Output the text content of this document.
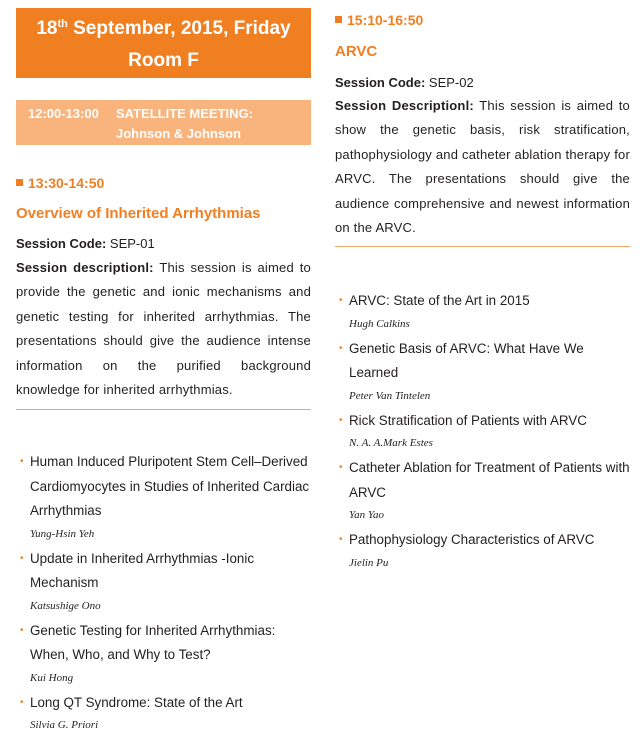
18th September, 2015, Friday
Room F
12:00-13:00 SATELLITE MEETING:
Johnson & Johnson
13:30-14:50
Overview of Inherited Arrhythmias
Session Code: SEP-01
Session descriptionl: This session is aimed to provide the genetic and ionic mechanisms and genetic testing for inherited arrhythmias. The presentations should give the audience intense information on the purified background knowledge for inherited arrhythmias.
• Human Induced Pluripotent Stem Cell–Derived Cardiomyocytes in Studies of Inherited Cardiac Arrhythmias
Yung-Hsin Yeh
• Update in Inherited Arrhythmias -Ionic Mechanism
Katsushige Ono
• Genetic Testing for Inherited Arrhythmias: When, Who, and Why to Test?
Kui Hong
• Long QT Syndrome: State of the Art
Silvia G. Priori
15:10-16:50
ARVC
Session Code: SEP-02
Session Descriptionl: This session is aimed to show the genetic basis, risk stratification, pathophysiology and catheter ablation therapy for ARVC. The presentations should give the audience comprehensive and newest information on the ARVC.
• ARVC: State of the Art in 2015
Hugh Calkins
• Genetic Basis of ARVC: What Have We Learned
Peter Van Tintelen
• Rick Stratification of Patients with ARVC
N. A. A.Mark Estes
• Catheter Ablation for Treatment of Patients with ARVC
Yan Yao
• Pathophysiology Characteristics of ARVC
Jielin Pu
